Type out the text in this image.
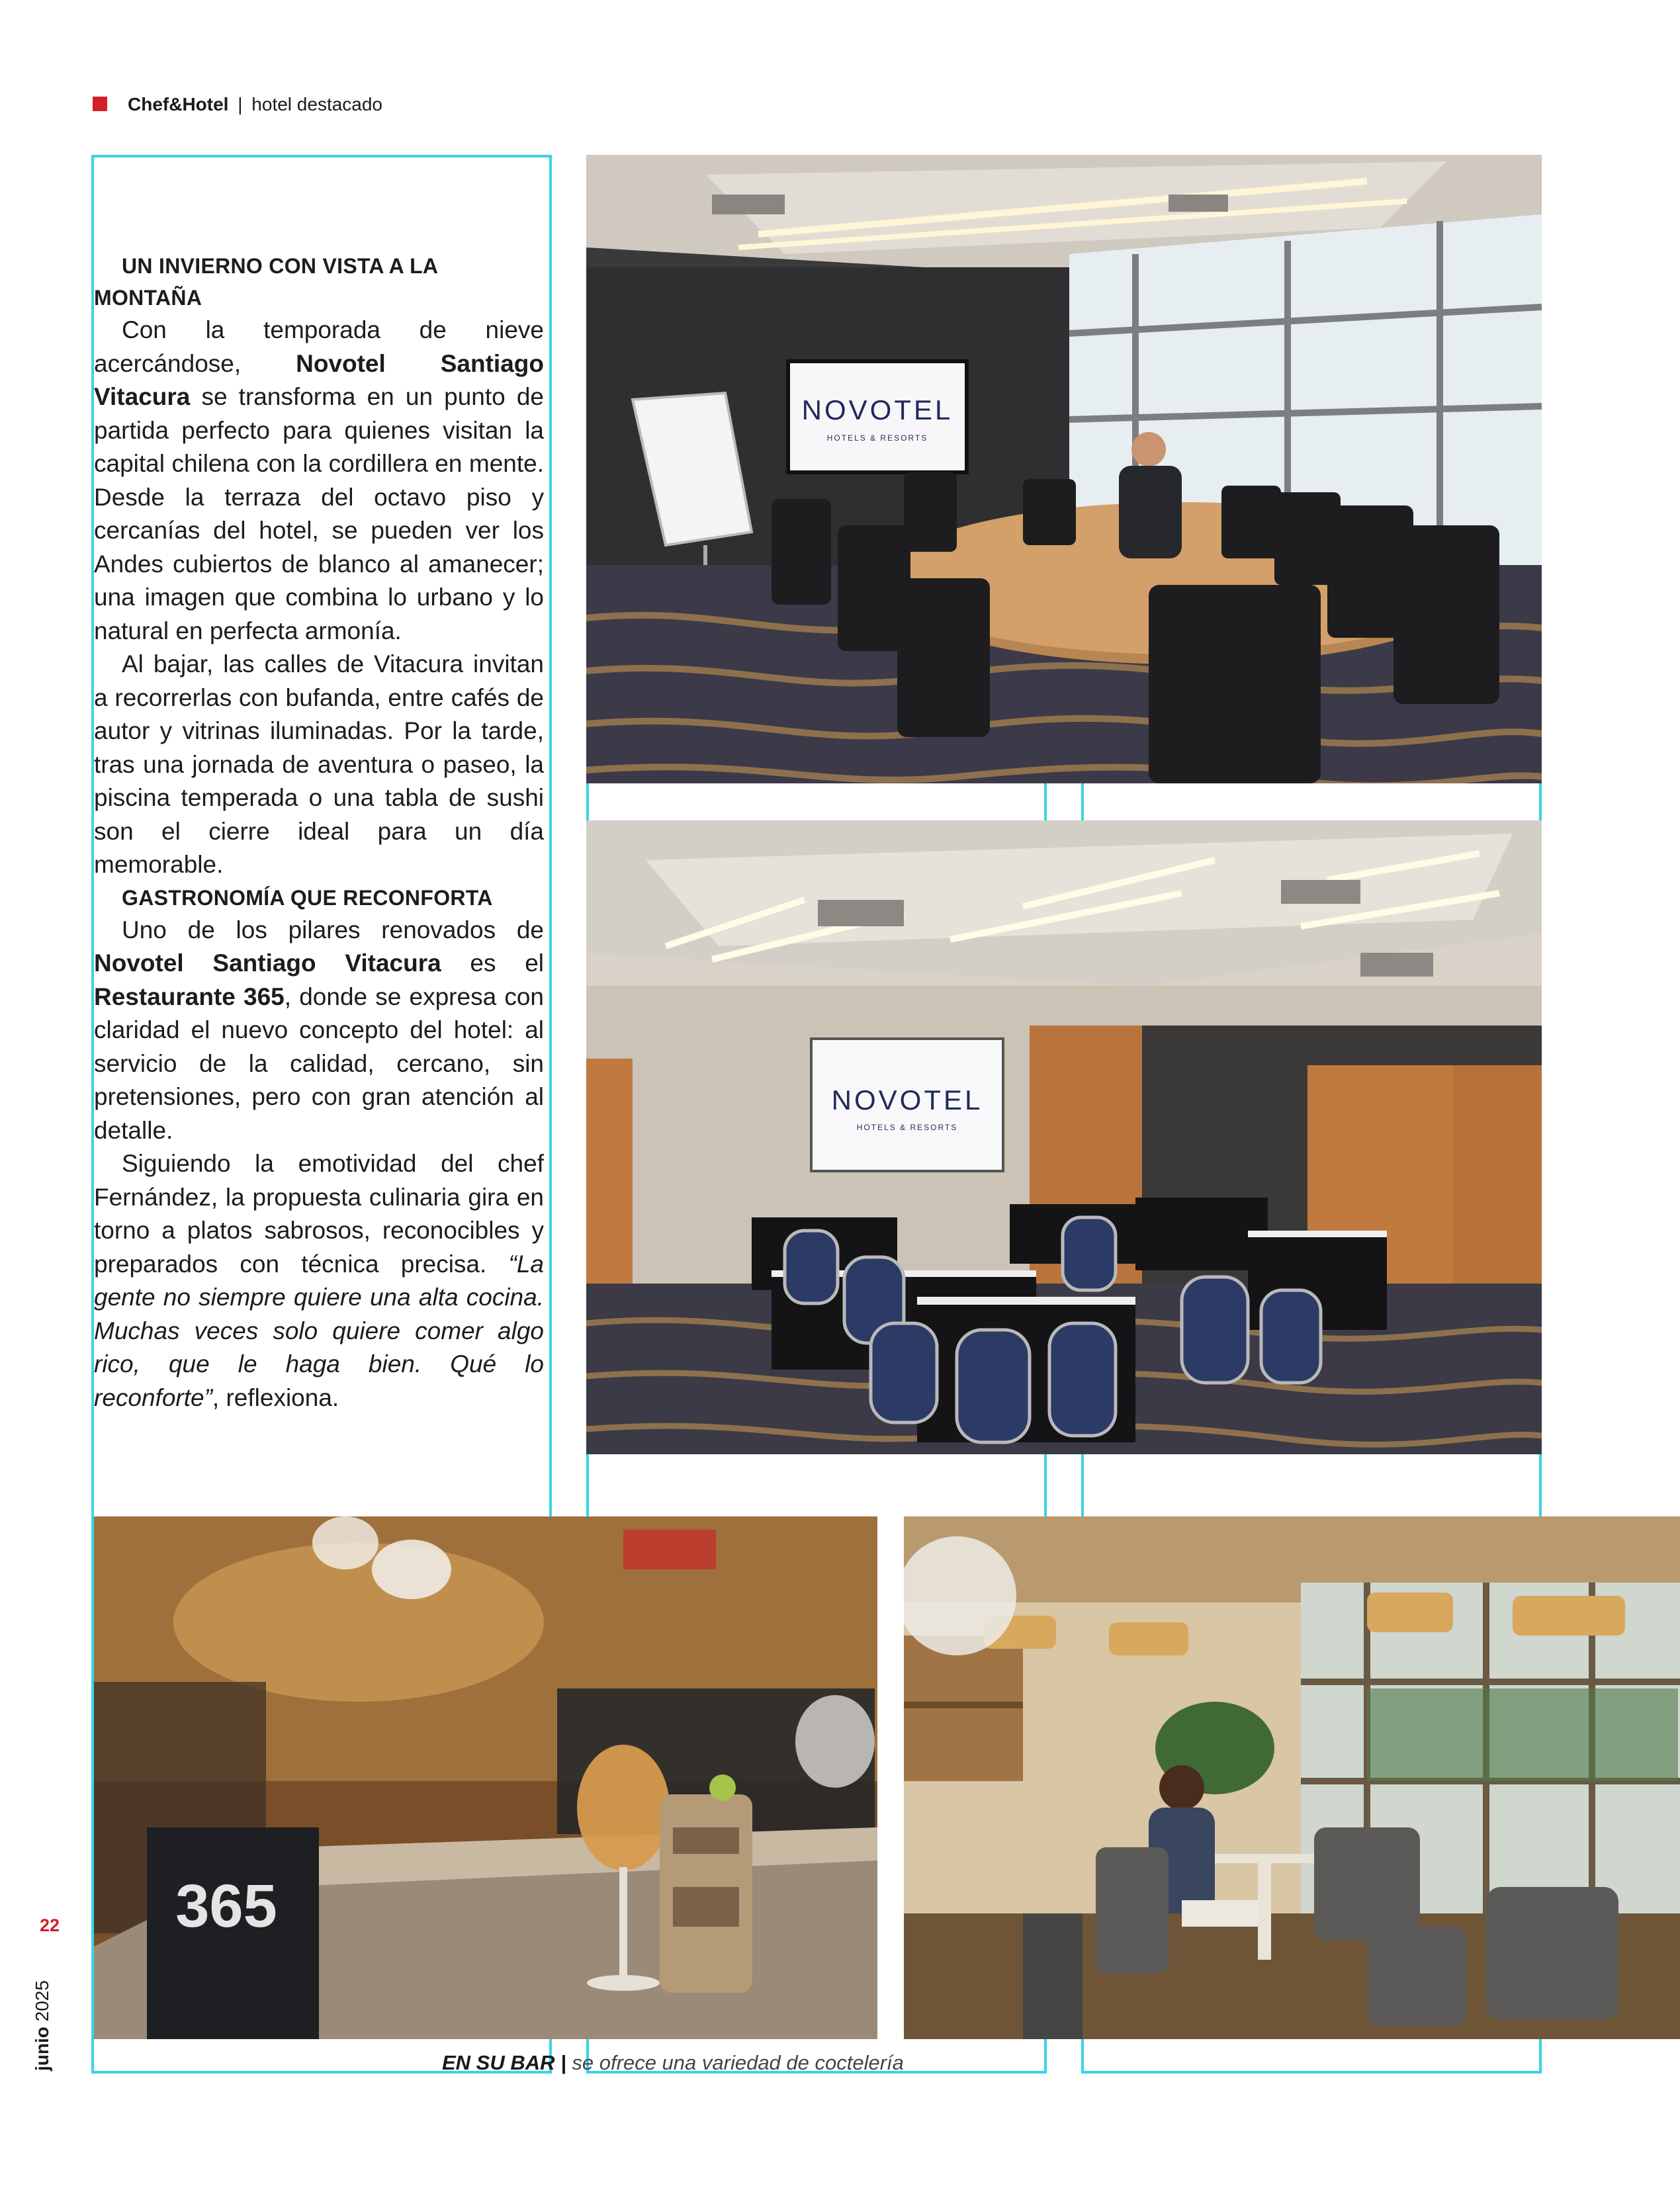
Chef&Hotel | hotel destacado
UN INVIERNO CON VISTA A LA MONTAÑA

Con la temporada de nieve acercándose, Novotel Santiago Vitacura se transforma en un punto de partida perfecto para quienes visitan la capital chilena con la cordillera en mente. Desde la terraza del octavo piso y cercanías del hotel, se pueden ver los Andes cubiertos de blanco al amanecer; una imagen que combina lo urbano y lo natural en perfecta armonía.

Al bajar, las calles de Vitacura invitan a recorrerlas con bufanda, entre cafés de autor y vitrinas iluminadas. Por la tarde, tras una jornada de aventura o paseo, la piscina temperada o una tabla de sushi son el cierre ideal para un día memorable.

GASTRONOMÍA QUE RECONFORTA

Uno de los pilares renovados de Novotel Santiago Vitacura es el Restaurante 365, donde se expresa con claridad el nuevo concepto del hotel: al servicio de la calidad, cercano, sin pretensiones, pero con gran atención al detalle.

Siguiendo la emotividad del chef Fernández, la propuesta culinaria gira en torno a platos sabrosos, reconocibles y preparados con técnica precisa. “La gente no siempre quiere una alta cocina. Muchas veces solo quiere comer algo rico, que le haga bien. Qué lo reconforte”, reflexiona.

NOVOTEL
HOTELS & RESORTS
NOVOTEL
HOTELS & RESORTS
365
22
junio 2025
EN SU BAR | se ofrece una variedad de coctelería
